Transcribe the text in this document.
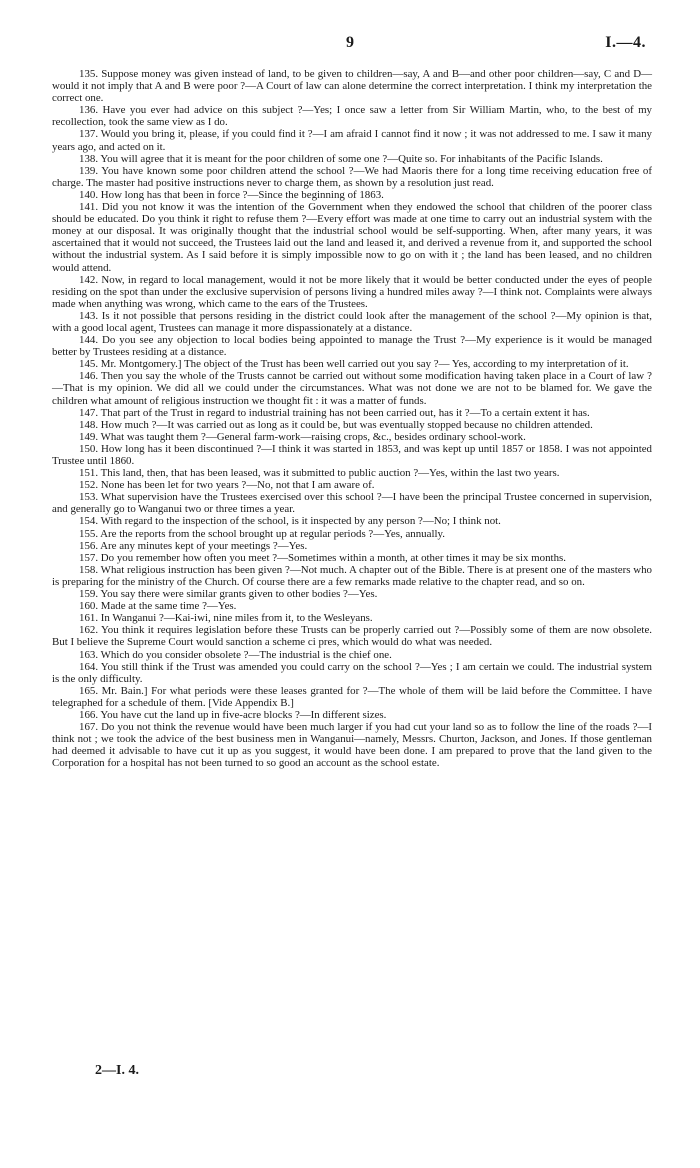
9	I.—4.

135. Suppose money was given instead of land, to be given to children—say, A and B—and other poor children—say, C and D—would it not imply that A and B were poor ?—A Court of law can alone determine the correct interpretation. I think my interpretation the correct one.

136. Have you ever had advice on this subject ?—Yes; I once saw a letter from Sir William Martin, who, to the best of my recollection, took the same view as I do.

137. Would you bring it, please, if you could find it ?—I am afraid I cannot find it now ; it was not addressed to me. I saw it many years ago, and acted on it.

138. You will agree that it is meant for the poor children of some one ?—Quite so. For inhabitants of the Pacific Islands.

139. You have known some poor children attend the school ?—We had Maoris there for a long time receiving education free of charge. The master had positive instructions never to charge them, as shown by a resolution just read.

140. How long has that been in force ?—Since the beginning of 1863.

141. Did you not know it was the intention of the Government when they endowed the school that children of the poorer class should be educated. Do you think it right to refuse them ?—Every effort was made at one time to carry out an industrial system with the money at our disposal. It was originally thought that the industrial school would be self-supporting. When, after many years, it was ascertained that it would not succeed, the Trustees laid out the land and leased it, and derived a revenue from it, and supported the school without the industrial system. As I said before it is simply impossible now to go on with it ; the land has been leased, and no children would attend.

142. Now, in regard to local management, would it not be more likely that it would be better conducted under the eyes of people residing on the spot than under the exclusive supervision of persons living a hundred miles away ?—I think not. Complaints were always made when anything was wrong, which came to the ears of the Trustees.

143. Is it not possible that persons residing in the district could look after the management of the school ?—My opinion is that, with a good local agent, Trustees can manage it more dispassionately at a distance.

144. Do you see any objection to local bodies being appointed to manage the Trust ?—My experience is it would be managed better by Trustees residing at a distance.

145. Mr. Montgomery.] The object of the Trust has been well carried out you say ?— Yes, according to my interpretation of it.

146. Then you say the whole of the Trusts cannot be carried out without some modification having taken place in a Court of law ?—That is my opinion. We did all we could under the circumstances. What was not done we are not to be blamed for. We gave the children what amount of religious instruction we thought fit : it was a matter of funds.

147. That part of the Trust in regard to industrial training has not been carried out, has it ?—To a certain extent it has.

148. How much ?—It was carried out as long as it could be, but was eventually stopped because no children attended.

149. What was taught them ?—General farm-work—raising crops, &c., besides ordinary school-work.

150. How long has it been discontinued ?—I think it was started in 1853, and was kept up until 1857 or 1858. I was not appointed Trustee until 1860.

151. This land, then, that has been leased, was it submitted to public auction ?—Yes, within the last two years.

152. None has been let for two years ?—No, not that I am aware of.

153. What supervision have the Trustees exercised over this school ?—I have been the principal Trustee concerned in supervision, and generally go to Wanganui two or three times a year.

154. With regard to the inspection of the school, is it inspected by any person ?—No; I think not.

155. Are the reports from the school brought up at regular periods ?—Yes, annually.

156. Are any minutes kept of your meetings ?—Yes.

157. Do you remember how often you meet ?—Sometimes within a month, at other times it may be six months.

158. What religious instruction has been given ?—Not much. A chapter out of the Bible. There is at present one of the masters who is preparing for the ministry of the Church. Of course there are a few remarks made relative to the chapter read, and so on.

159. You say there were similar grants given to other bodies ?—Yes.

160. Made at the same time ?—Yes.

161. In Wanganui ?—Kai-iwi, nine miles from it, to the Wesleyans.

162. You think it requires legislation before these Trusts can be properly carried out ?—Possibly some of them are now obsolete. But I believe the Supreme Court would sanction a scheme ci pres, which would do what was needed.

163. Which do you consider obsolete ?—The industrial is the chief one.

164. You still think if the Trust was amended you could carry on the school ?—Yes ; I am certain we could. The industrial system is the only difficulty.

165. Mr. Bain.] For what periods were these leases granted for ?—The whole of them will be laid before the Committee. I have telegraphed for a schedule of them. [Vide Appendix B.]

166. You have cut the land up in five-acre blocks ?—In different sizes.

167. Do you not think the revenue would have been much larger if you had cut your land so as to follow the line of the roads ?—I think not ; we took the advice of the best business men in Wanganui—namely, Messrs. Churton, Jackson, and Jones. If those gentleman had deemed it advisable to have cut it up as you suggest, it would have been done. I am prepared to prove that the land given to the Corporation for a hospital has not been turned to so good an account as the school estate.

2—I. 4.
